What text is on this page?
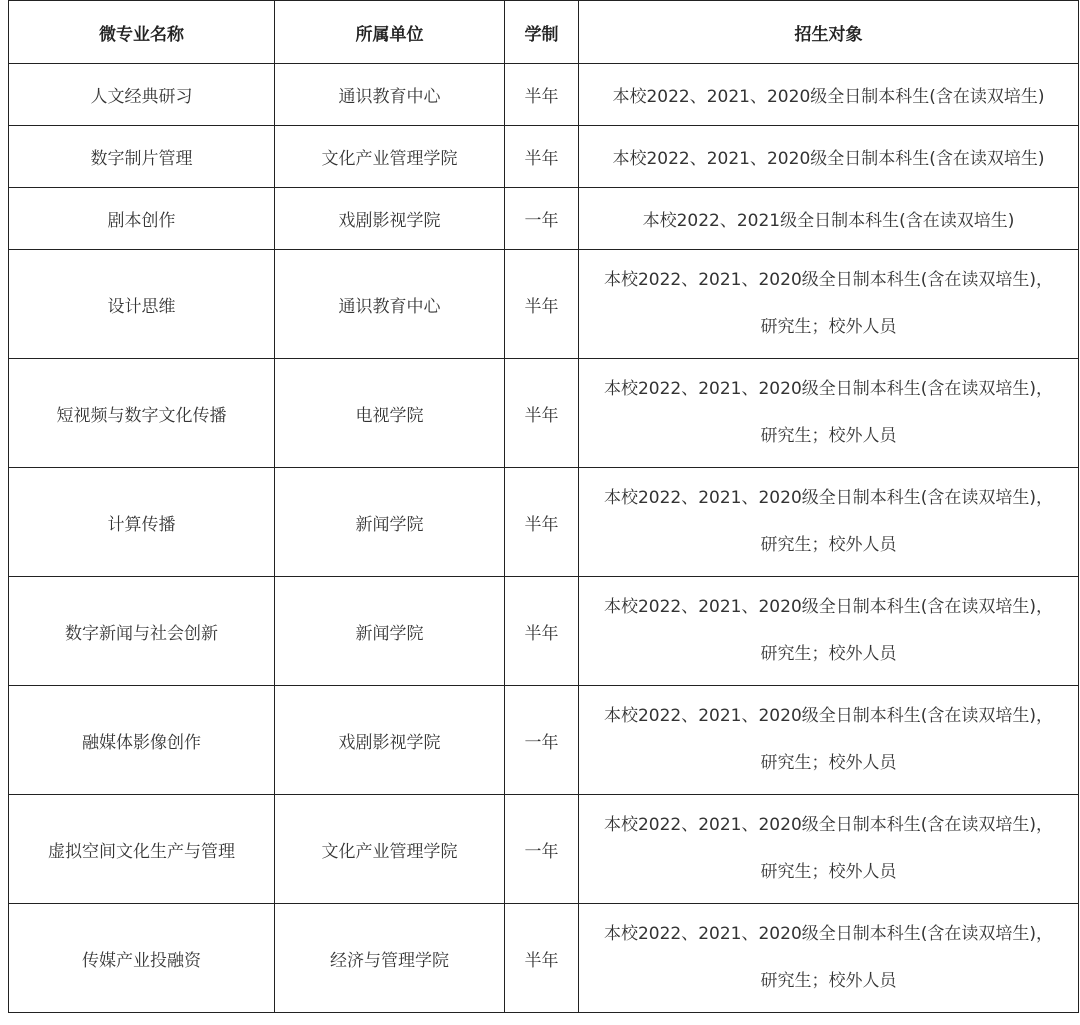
微专业名称	所属单位	学制	招生对象
人文经典研习	通识教育中心	半年	本校2022、2021、2020级全日制本科生(含在读双培生)

数字制片管理	文化产业管理学院	半年	本校2022、2021、2020级全日制本科生(含在读双培生)

剧本创作	戏剧影视学院	一年	本校2022、2021级全日制本科生(含在读双培生)

设计思维	通识教育中心	半年	本校2022、2021、2020级全日制本科生(含在读双培生)，
研究生；校外人员

短视频与数字文化传播	电视学院	半年	本校2022、2021、2020级全日制本科生(含在读双培生)，
研究生；校外人员

计算传播	新闻学院	半年	本校2022、2021、2020级全日制本科生(含在读双培生)，
研究生；校外人员

数字新闻与社会创新	新闻学院	半年	本校2022、2021、2020级全日制本科生(含在读双培生)，
研究生；校外人员

融媒体影像创作	戏剧影视学院	一年	本校2022、2021、2020级全日制本科生(含在读双培生)，
研究生；校外人员

虚拟空间文化生产与管理	文化产业管理学院	一年	本校2022、2021、2020级全日制本科生(含在读双培生)，
研究生；校外人员

传媒产业投融资	经济与管理学院	半年	本校2022、2021、2020级全日制本科生(含在读双培生)，
研究生；校外人员
